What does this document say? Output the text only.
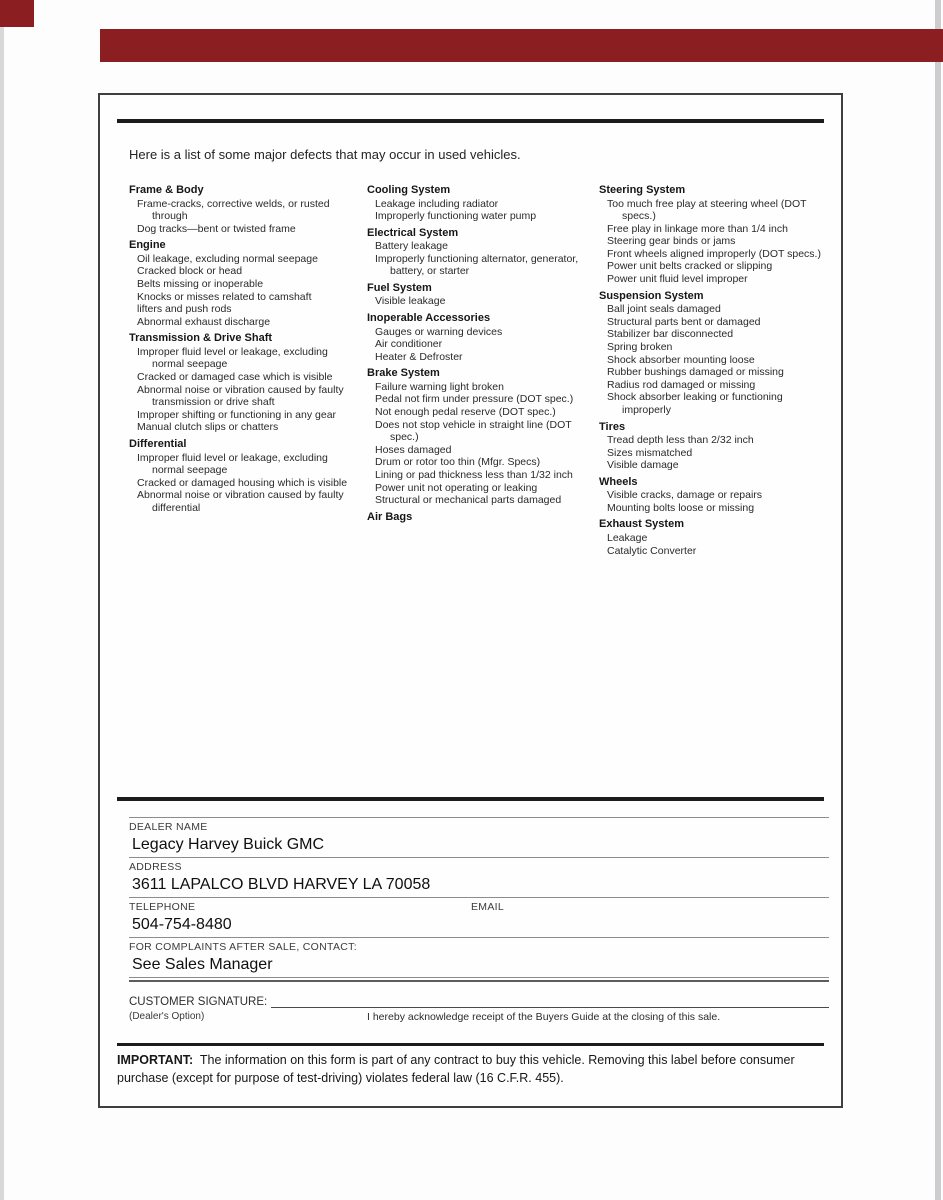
Here is a list of some major defects that may occur in used vehicles.

Frame & Body
Frame-cracks, corrective welds, or rusted through
Dog tracks—bent or twisted frame
Engine
Oil leakage, excluding normal seepage
Cracked block or head
Belts missing or inoperable
Knocks or misses related to camshaft
lifters and push rods
Abnormal exhaust discharge
Transmission & Drive Shaft
Improper fluid level or leakage, excluding normal seepage
Cracked or damaged case which is visible
Abnormal noise or vibration caused by faulty transmission or drive shaft
Improper shifting or functioning in any gear
Manual clutch slips or chatters
Differential
Improper fluid level or leakage, excluding normal seepage
Cracked or damaged housing which is visible
Abnormal noise or vibration caused by faulty differential
Cooling System
Leakage including radiator
Improperly functioning water pump
Electrical System
Battery leakage
Improperly functioning alternator, generator, battery, or starter
Fuel System
Visible leakage
Inoperable Accessories
Gauges or warning devices
Air conditioner
Heater & Defroster
Brake System
Failure warning light broken
Pedal not firm under pressure (DOT spec.)
Not enough pedal reserve (DOT spec.)
Does not stop vehicle in straight line (DOT spec.)
Hoses damaged
Drum or rotor too thin (Mfgr. Specs)
Lining or pad thickness less than 1/32 inch
Power unit not operating or leaking
Structural or mechanical parts damaged
Air Bags
Steering System
Too much free play at steering wheel (DOT specs.)
Free play in linkage more than 1/4 inch
Steering gear binds or jams
Front wheels aligned improperly (DOT specs.)
Power unit belts cracked or slipping
Power unit fluid level improper
Suspension System
Ball joint seals damaged
Structural parts bent or damaged
Stabilizer bar disconnected
Spring broken
Shock absorber mounting loose
Rubber bushings damaged or missing
Radius rod damaged or missing
Shock absorber leaking or functioning improperly
Tires
Tread depth less than 2/32 inch
Sizes mismatched
Visible damage
Wheels
Visible cracks, damage or repairs
Mounting bolts loose or missing
Exhaust System
Leakage
Catalytic Converter
DEALER NAME
Legacy Harvey Buick GMC
ADDRESS
3611 LAPALCO BLVD HARVEY LA 70058
TELEPHONE
504-754-8480
EMAIL
FOR COMPLAINTS AFTER SALE, CONTACT:
See Sales Manager
CUSTOMER SIGNATURE:
(Dealer's Option)	I hereby acknowledge receipt of the Buyers Guide at the closing of this sale.

IMPORTANT: The information on this form is part of any contract to buy this vehicle. Removing this label before consumer purchase (except for purpose of test-driving) violates federal law (16 C.F.R. 455).
